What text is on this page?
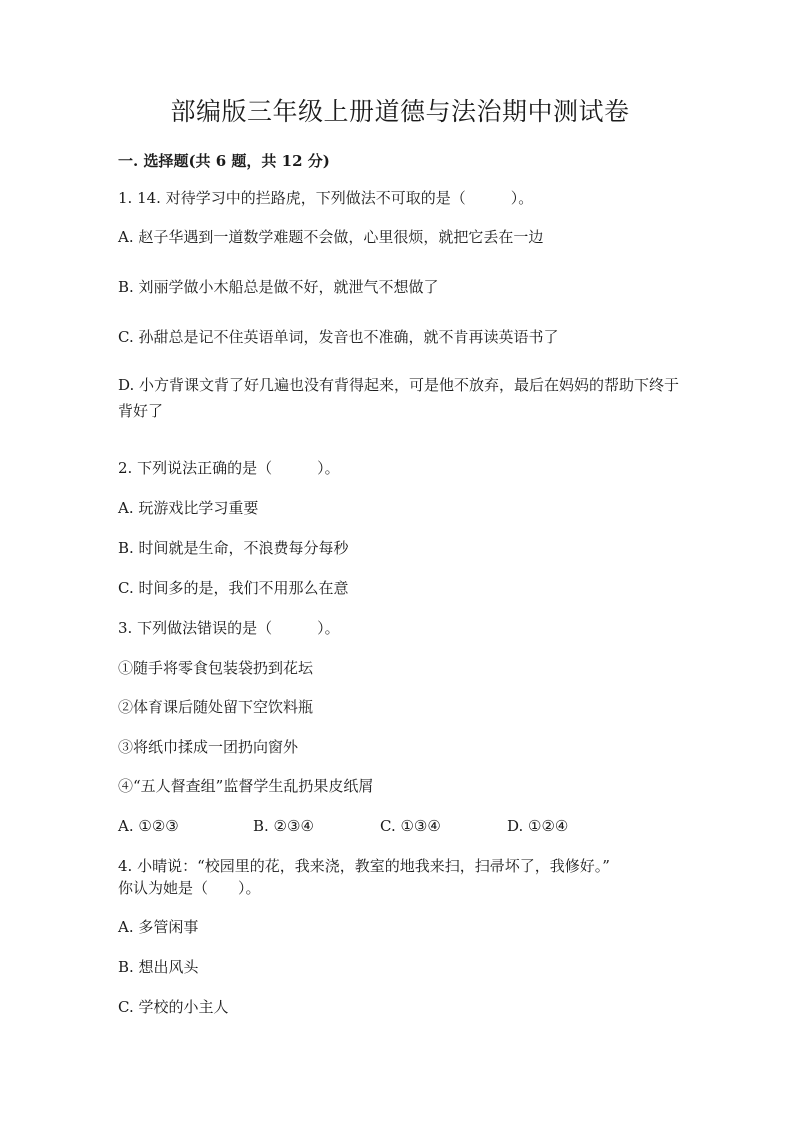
部编版三年级上册道德与法治期中测试卷
一. 选择题(共 6 题，共 12 分)
1. 14. 对待学习中的拦路虎，下列做法不可取的是（　　　）。
A. 赵子华遇到一道数学难题不会做，心里很烦，就把它丢在一边
B. 刘丽学做小木船总是做不好，就泄气不想做了
C. 孙甜总是记不住英语单词，发音也不准确，就不肯再读英语书了
D. 小方背课文背了好几遍也没有背得起来，可是他不放弃，最后在妈妈的帮助下终于背好了
2. 下列说法正确的是（　　　）。
A. 玩游戏比学习重要
B. 时间就是生命，不浪费每分每秒
C. 时间多的是，我们不用那么在意
3. 下列做法错误的是（　　　）。
①随手将零食包装袋扔到花坛
②体育课后随处留下空饮料瓶
③将纸巾揉成一团扔向窗外
④“五人督查组”监督学生乱扔果皮纸屑
A. ①②③	B. ②③④	C. ①③④	D. ①②④
4. 小晴说：“校园里的花，我来浇，教室的地我来扫，扫帚坏了，我修好。”
你认为她是（　　）。
A. 多管闲事
B. 想出风头
C. 学校的小主人
